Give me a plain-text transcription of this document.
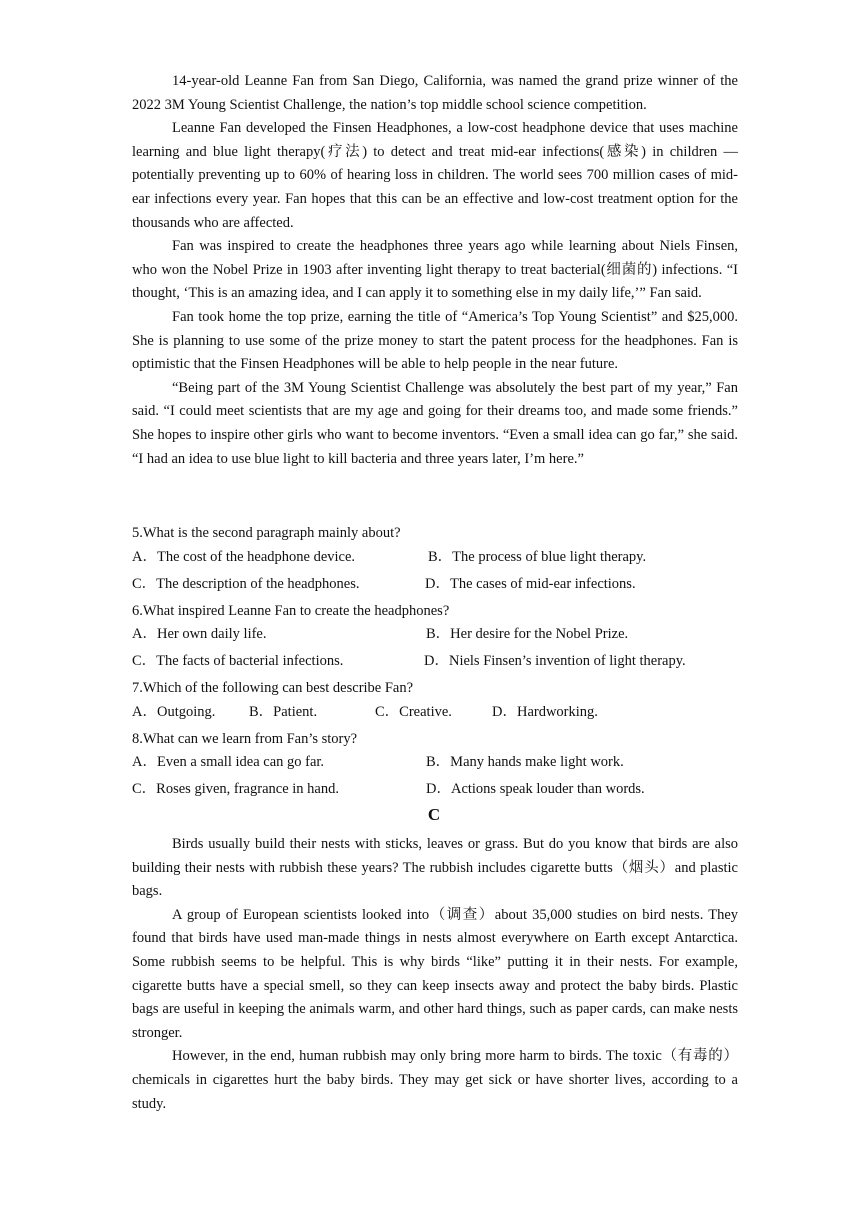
14-year-old Leanne Fan from San Diego, California, was named the grand prize winner of the 2022 3M Young Scientist Challenge, the nation’s top middle school science competition.

Leanne Fan developed the Finsen Headphones, a low-cost headphone device that uses machine learning and blue light therapy(疗法) to detect and treat mid-ear infections(感染) in children — potentially preventing up to 60% of hearing loss in children. The world sees 700 million cases of mid-ear infections every year. Fan hopes that this can be an effective and low-cost treatment option for the thousands who are affected.

Fan was inspired to create the headphones three years ago while learning about Niels Finsen, who won the Nobel Prize in 1903 after inventing light therapy to treat bacterial(细菌的) infections. “I thought, ‘This is an amazing idea, and I can apply it to something else in my daily life,’” Fan said.

Fan took home the top prize, earning the title of “America’s Top Young Scientist” and $25,000. She is planning to use some of the prize money to start the patent process for the headphones. Fan is optimistic that the Finsen Headphones will be able to help people in the near future.

“Being part of the 3M Young Scientist Challenge was absolutely the best part of my year,” Fan said. “I could meet scientists that are my age and going for their dreams too, and made some friends.” She hopes to inspire other girls who want to become inventors. “Even a small idea can go far,” she said. “I had an idea to use blue light to kill bacteria and three years later, I’m here.”

5.What is the second paragraph mainly about?

A．The cost of the headphone device.	B．The process of blue light therapy.
C．The description of the headphones.	D．The cases of mid-ear infections.

6.What inspired Leanne Fan to create the headphones?

A．Her own daily life.	B．Her desire for the Nobel Prize.
C．The facts of bacterial infections.	D．Niels Finsen’s invention of light therapy.

7.Which of the following can best describe Fan?

A．Outgoing. B．Patient.	C．Creative.	D．Hardworking.

8.What can we learn from Fan’s story?

A．Even a small idea can go far.	B．Many hands make light work.
C．Roses given, fragrance in hand.	D．Actions speak louder than words.
C

Birds usually build their nests with sticks, leaves or grass. But do you know that birds are also building their nests with rubbish these years? The rubbish includes cigarette butts（烟头）and plastic bags.

A group of European scientists looked into（调查）about 35,000 studies on bird nests. They found that birds have used man-made things in nests almost everywhere on Earth except Antarctica. Some rubbish seems to be helpful. This is why birds “like” putting it in their nests. For example, cigarette butts have a special smell, so they can keep insects away and protect the baby birds. Plastic bags are useful in keeping the animals warm, and other hard things, such as paper cards, can make nests stronger.

However, in the end, human rubbish may only bring more harm to birds. The toxic（有毒的）chemicals in cigarettes hurt the baby birds. They may get sick or have shorter lives, according to a study.
